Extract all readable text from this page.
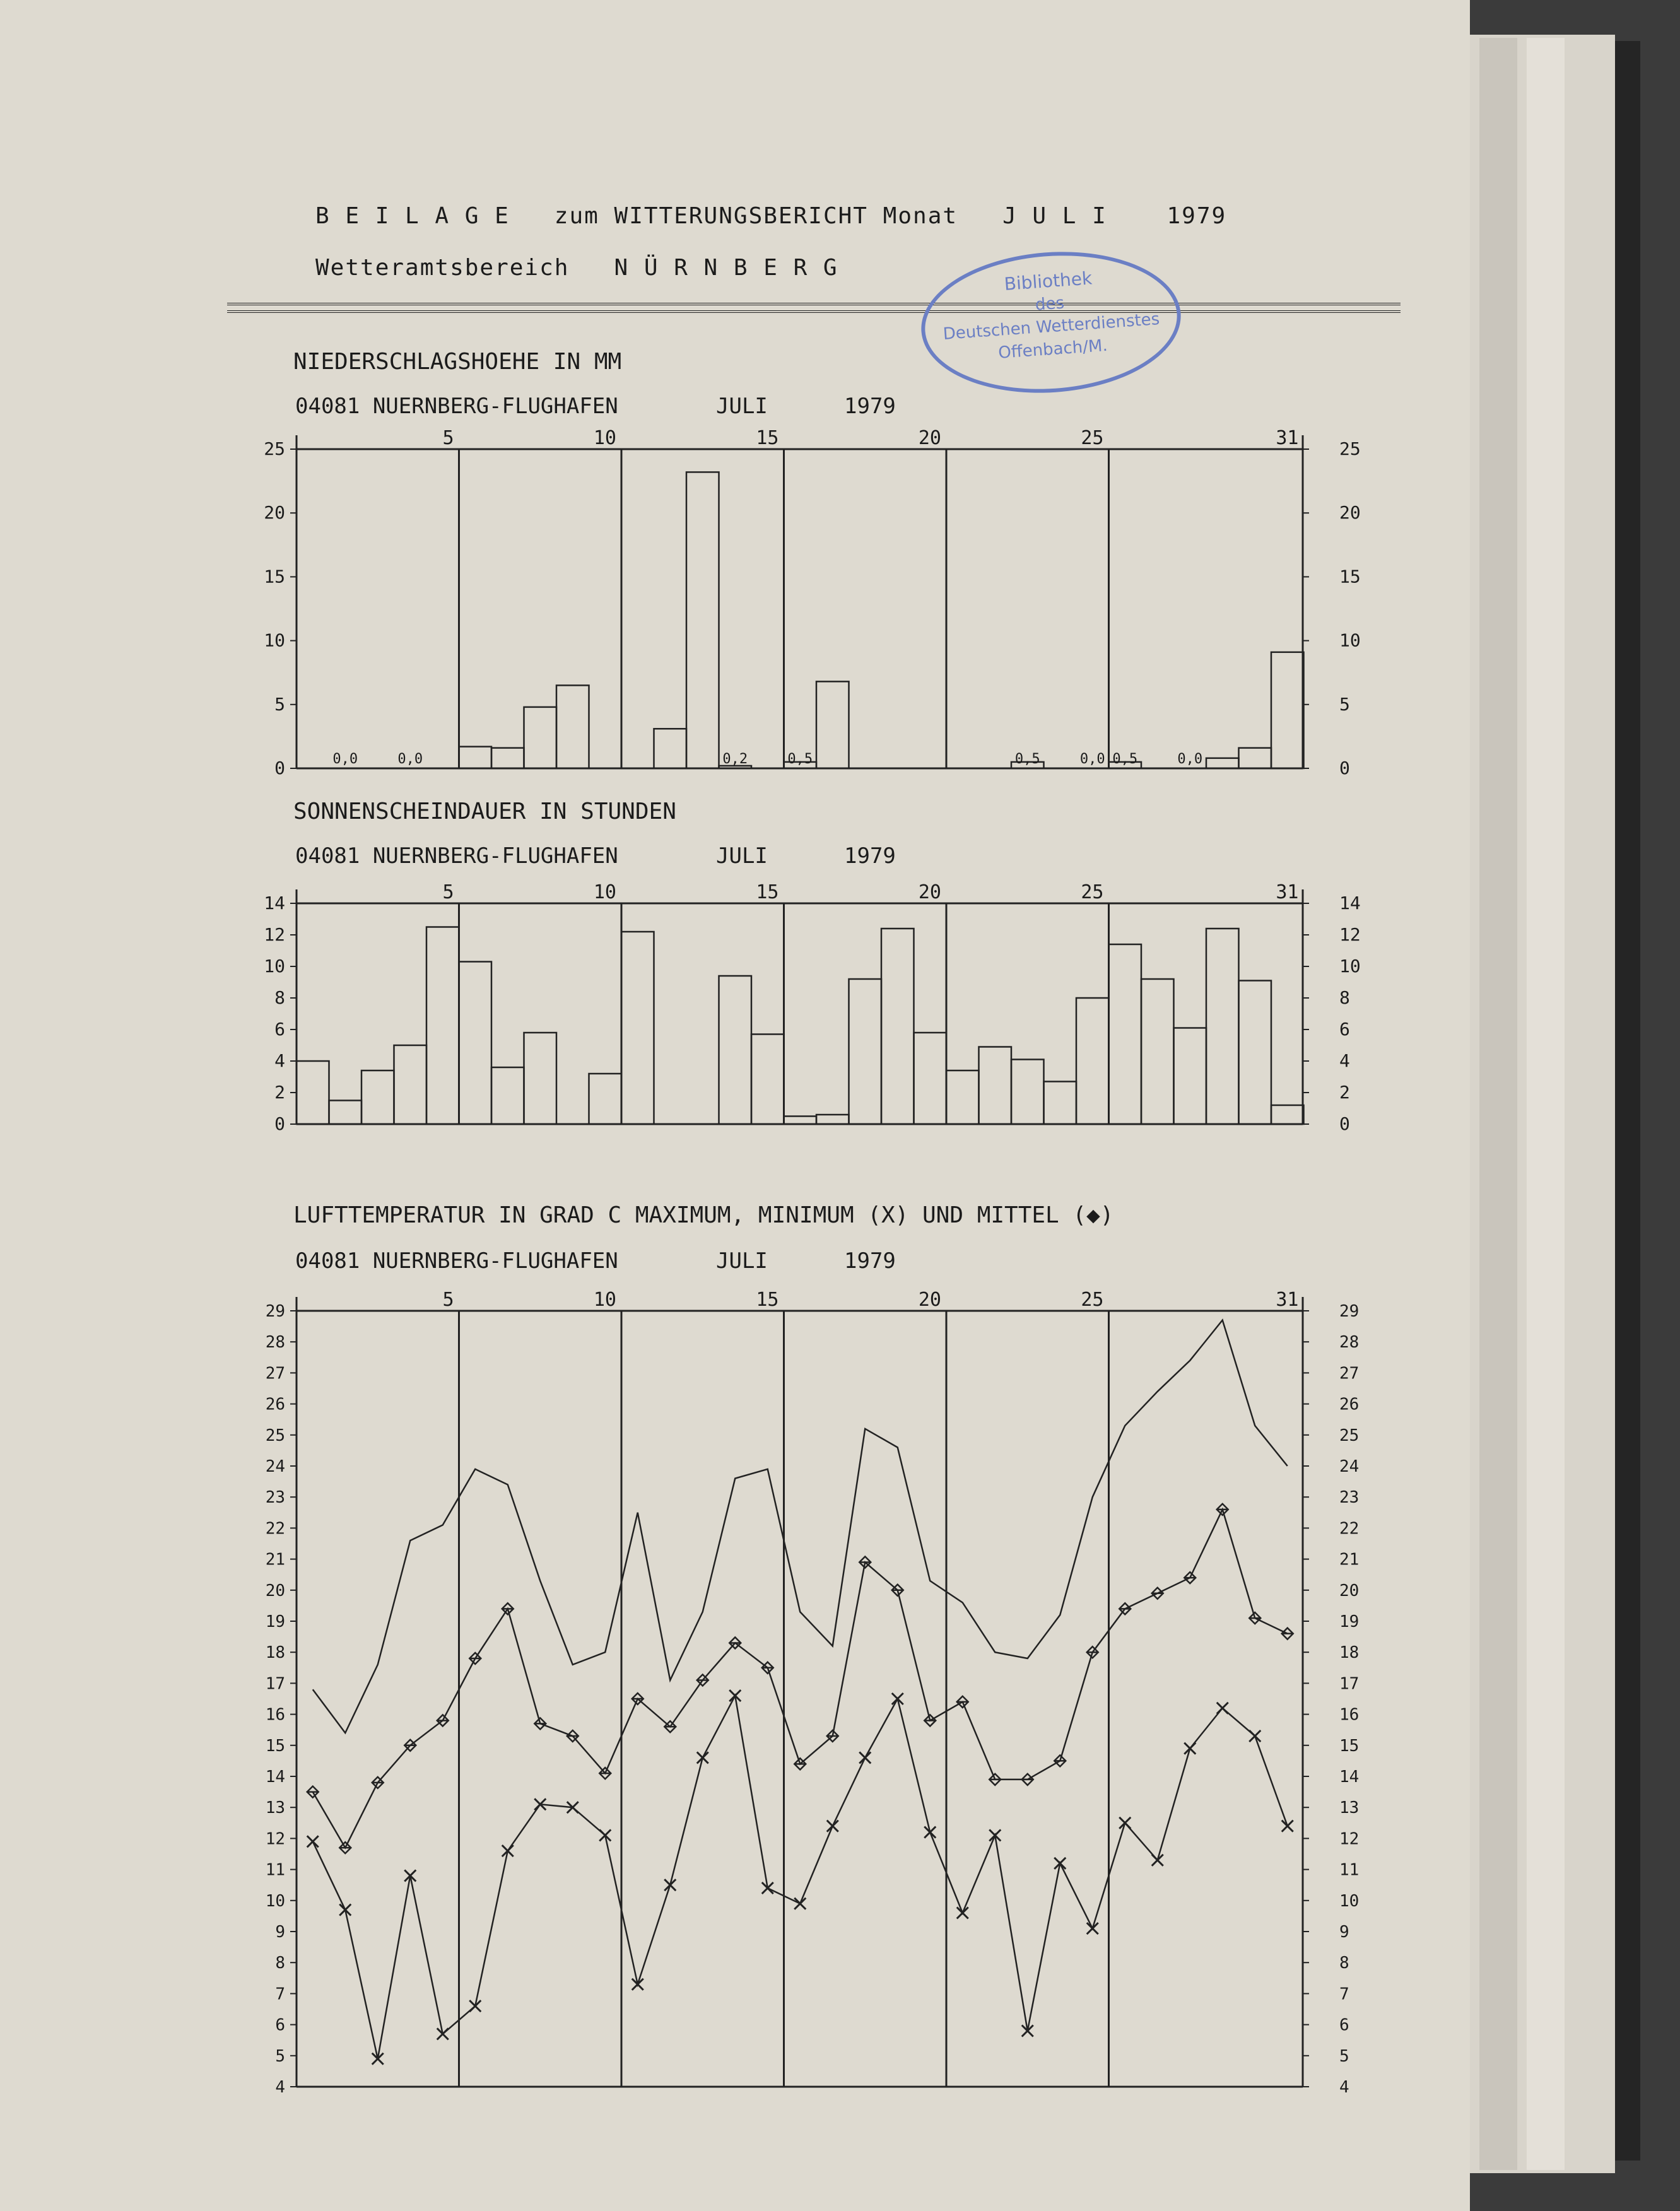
B E I L A G E zum WITTERUNGSBERICHT Monat J U L I	1979
Wetteramtsbereich N Ü R N B E R G	Bibliothek
des
Deutschen Wetterdienstes
Offenbach/M.
NIEDERSCHLAGSHOEHE IN MM
04081 NUERNBERG-FLUGHAFEN	JULI	1979
5	10	15	20	25	31
0	0
5	5
10	10
15	15
20	20
25	25
0,0	0,0	0,2	0,5	0,5	0,0 0,5	0,0
SONNENSCHEINDAUER IN STUNDEN
04081 NUERNBERG-FLUGHAFEN	JULI	1979
5	10	15	20	25	31
0	0
2	2
4	4
6	6
8	8
10	10
12	12
14	14
LUFTTEMPERATUR IN GRAD C MAXIMUM, MINIMUM (X) UND MITTEL (◆)
04081 NUERNBERG-FLUGHAFEN	JULI	1979
5	10	15	20	25	31
4	4
5	5
6	6
7	7
8	8
9	9
10	10
11	11
12	12
13	13
14	14
15	15
16	16
17	17
18	18
19	19
20	20
21	21
22	22
23	23
24	24
25	25
26	26
27	27
28	28
29	29
